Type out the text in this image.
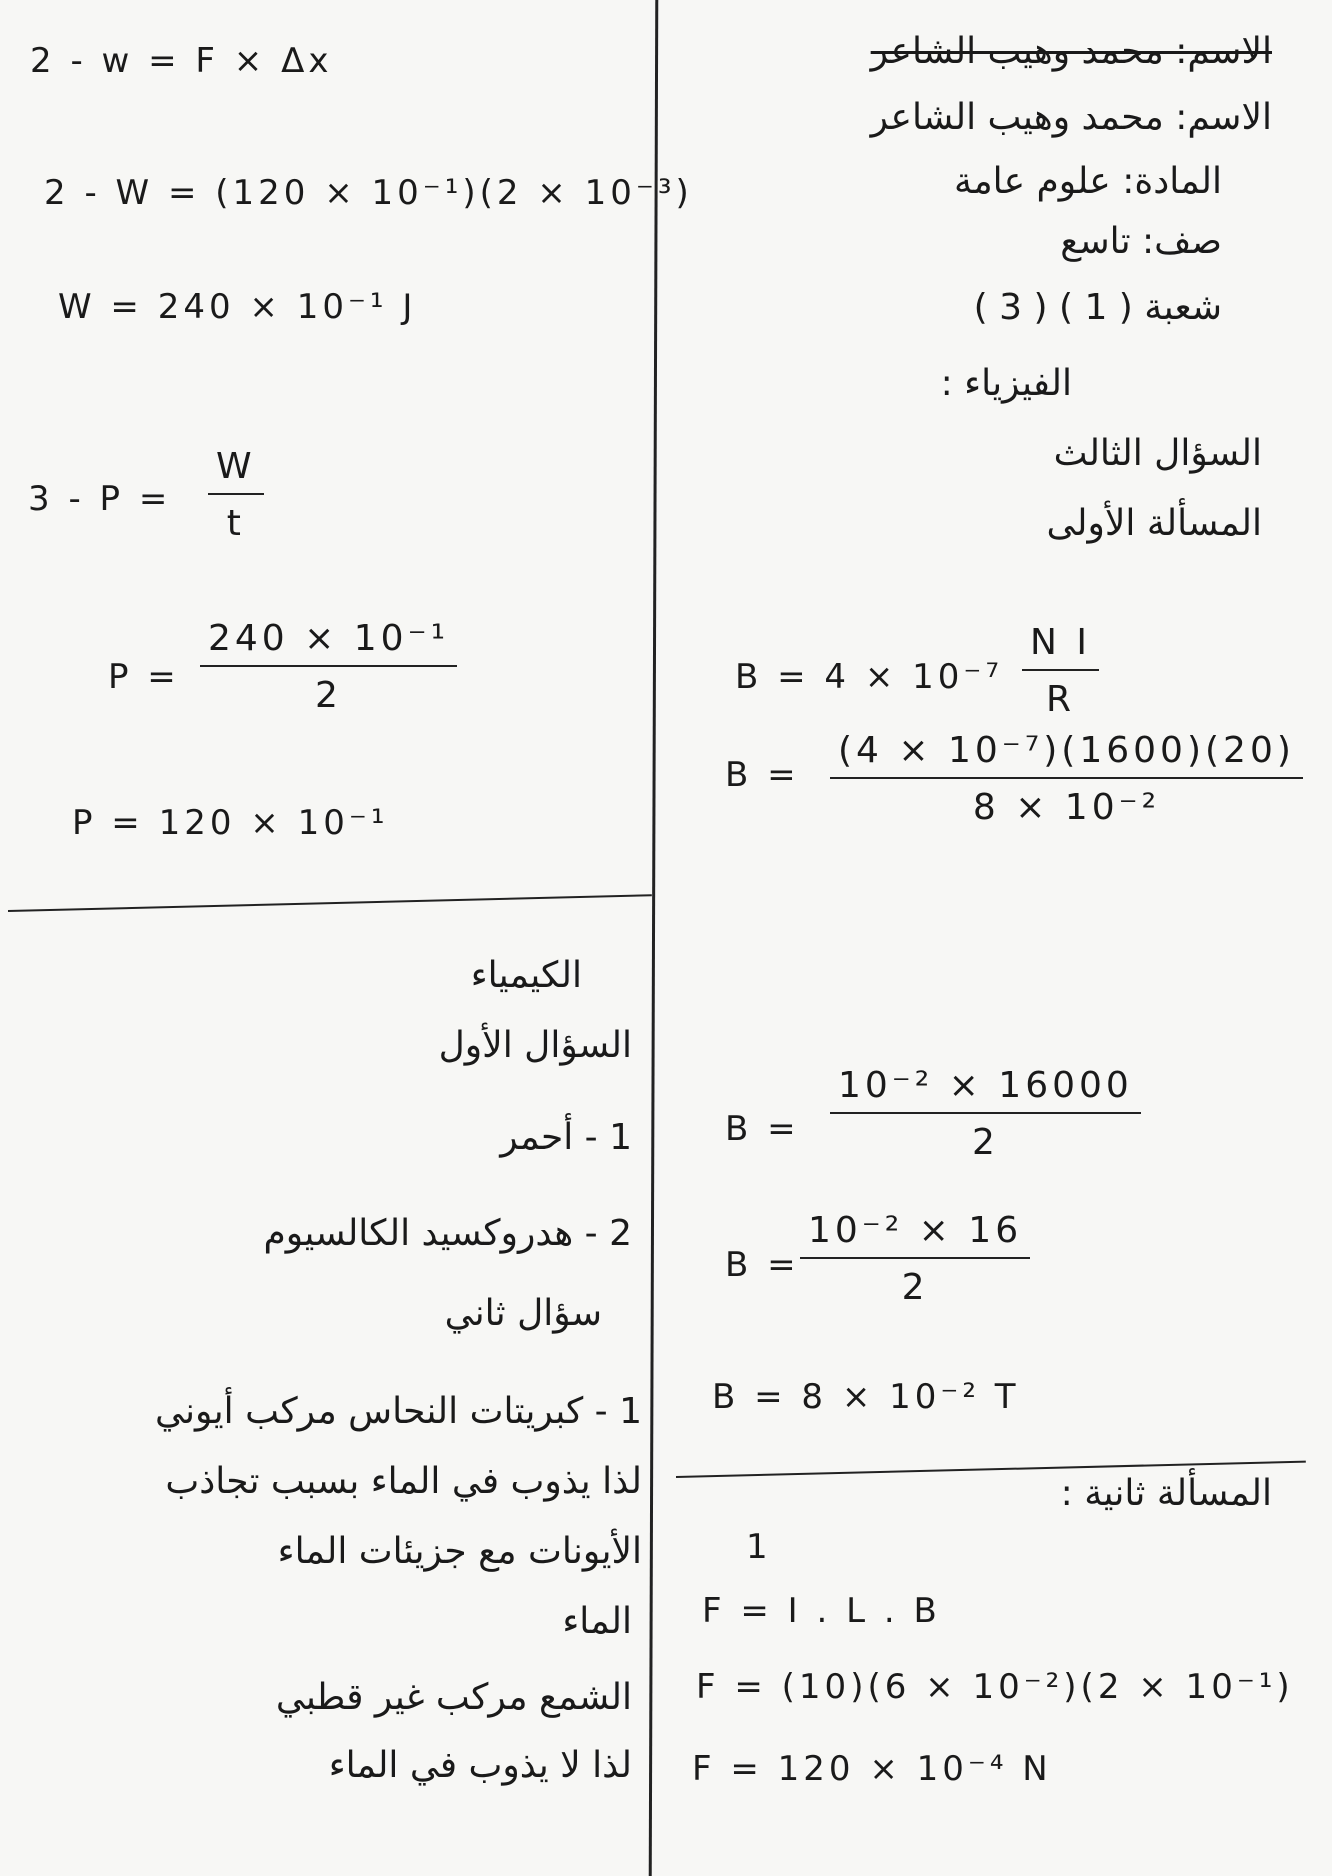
الاسم: محمد وهيب الشاعر
الاسم: محمد وهيب الشاعر
المادة: علوم عامة
صف: تاسع
شعبة ( 1 ) ( 3 )
الفيزياء :
السؤال الثالث
المسألة الأولى
$B = 4 \times 10^{-7} \frac{\text{N I}}{R}$
$B = \frac{\text{(4 × 10⁻⁷)(1600)(20)}}{\text{8 × 10⁻²}}$
$B = \frac{\text{10⁻² × 16000}}{2}$
$B = \frac{\text{10⁻² × 16}}{2}$
B = 8 × 10⁻² T
المسألة ثانية :
1
F = I . L . B
F = (10)(6 × 10⁻²)(2 × 10⁻¹)
F = 120 × 10⁻⁴ N
2 - w = F × Δx
2 - W = (120 × 10⁻¹)(2 × 10⁻³)
W = 240 × 10⁻¹ J
$3 - P = \frac{W}{t}$
$P = \frac{\text{240 × 10⁻¹}}{2}$
P = 120 × 10⁻¹
الكيمياء
السؤال الأول
1 - أحمر
2 - هدروكسيد الكالسيوم
سؤال ثاني
1 - كبريتات النحاس مركب أيوني
لذا يذوب في الماء بسبب تجاذب
الأيونات مع جزيئات الماء
الماء
الشمع مركب غير قطبي
لذا لا يذوب في الماء
